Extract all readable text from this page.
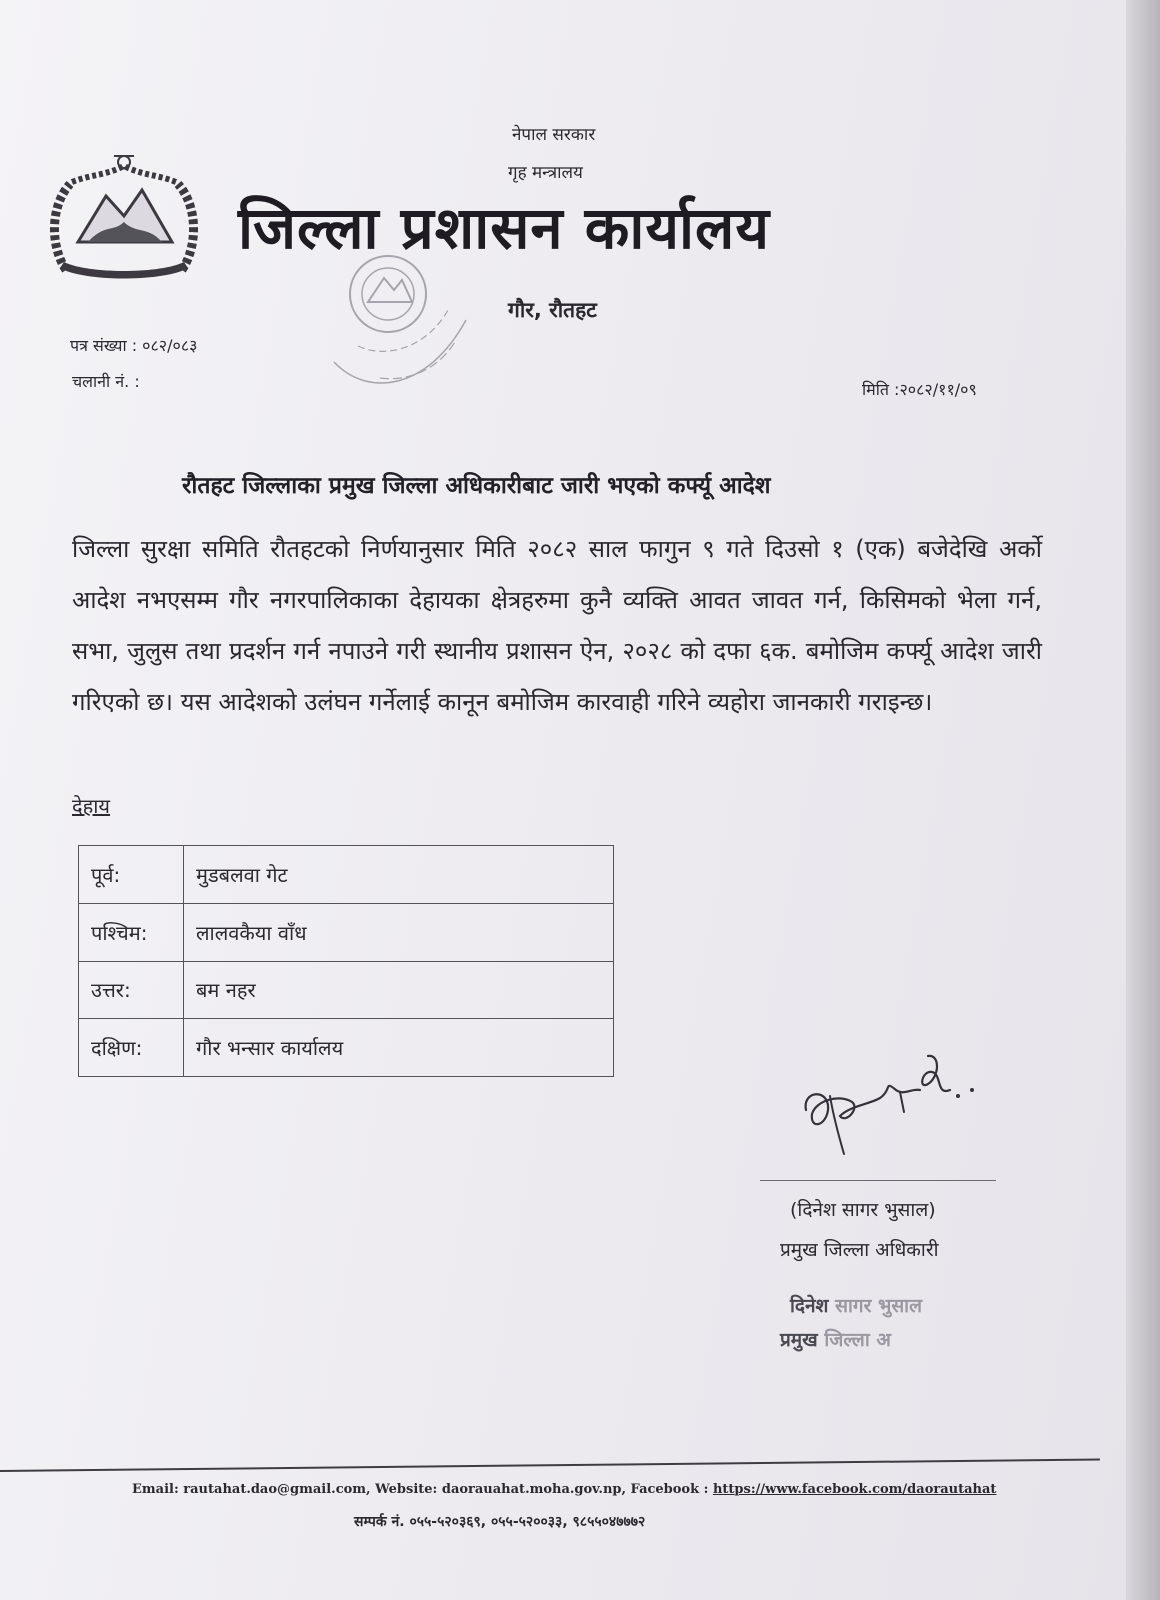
नेपाल सरकार
गृह मन्त्रालय
जिल्ला प्रशासन कार्यालय
गौर, रौतहट
पत्र संख्या : ०८२/०८३
चलानी नं. :	मिति :२०८२/११/०९
रौतहट जिल्लाका प्रमुख जिल्ला अधिकारीबाट जारी भएको कर्फ्यू आदेश
जिल्ला सुरक्षा समिति रौतहटको निर्णयानुसार मिति २०८२ साल फागुन ९ गते दिउसो १ (एक) बजेदेखि अर्को आदेश नभएसम्म गौर नगरपालिकाका देहायका क्षेत्रहरुमा कुनै व्यक्ति आवत जावत गर्न, किसिमको भेला गर्न, सभा, जुलुस तथा प्रदर्शन गर्न नपाउने गरी स्थानीय प्रशासन ऐन, २०२८ को दफा ६क. बमोजिम कर्फ्यू आदेश जारी गरिएको छ। यस आदेशको उलंघन गर्नेलाई कानून बमोजिम कारवाही गरिने व्यहोरा जानकारी गराइन्छ।
देहाय
पूर्व:	मुडबलवा गेट
पश्चिम:	लालवकैया वाँध
उत्तर:	बम नहर
दक्षिण:	गौर भन्सार कार्यालय
(दिनेश सागर भुसाल)
प्रमुख जिल्ला अधिकारी
दिनेश सागर भुसाल
प्रमुख जिल्ला अ
Email: rautahat.dao@gmail.com, Website: daorauahat.moha.gov.np, Facebook : https://www.facebook.com/daorautahat
सम्पर्क नं. ०५५-५२०३६९, ०५५-५२००३३, ९८५५०४७७७२
